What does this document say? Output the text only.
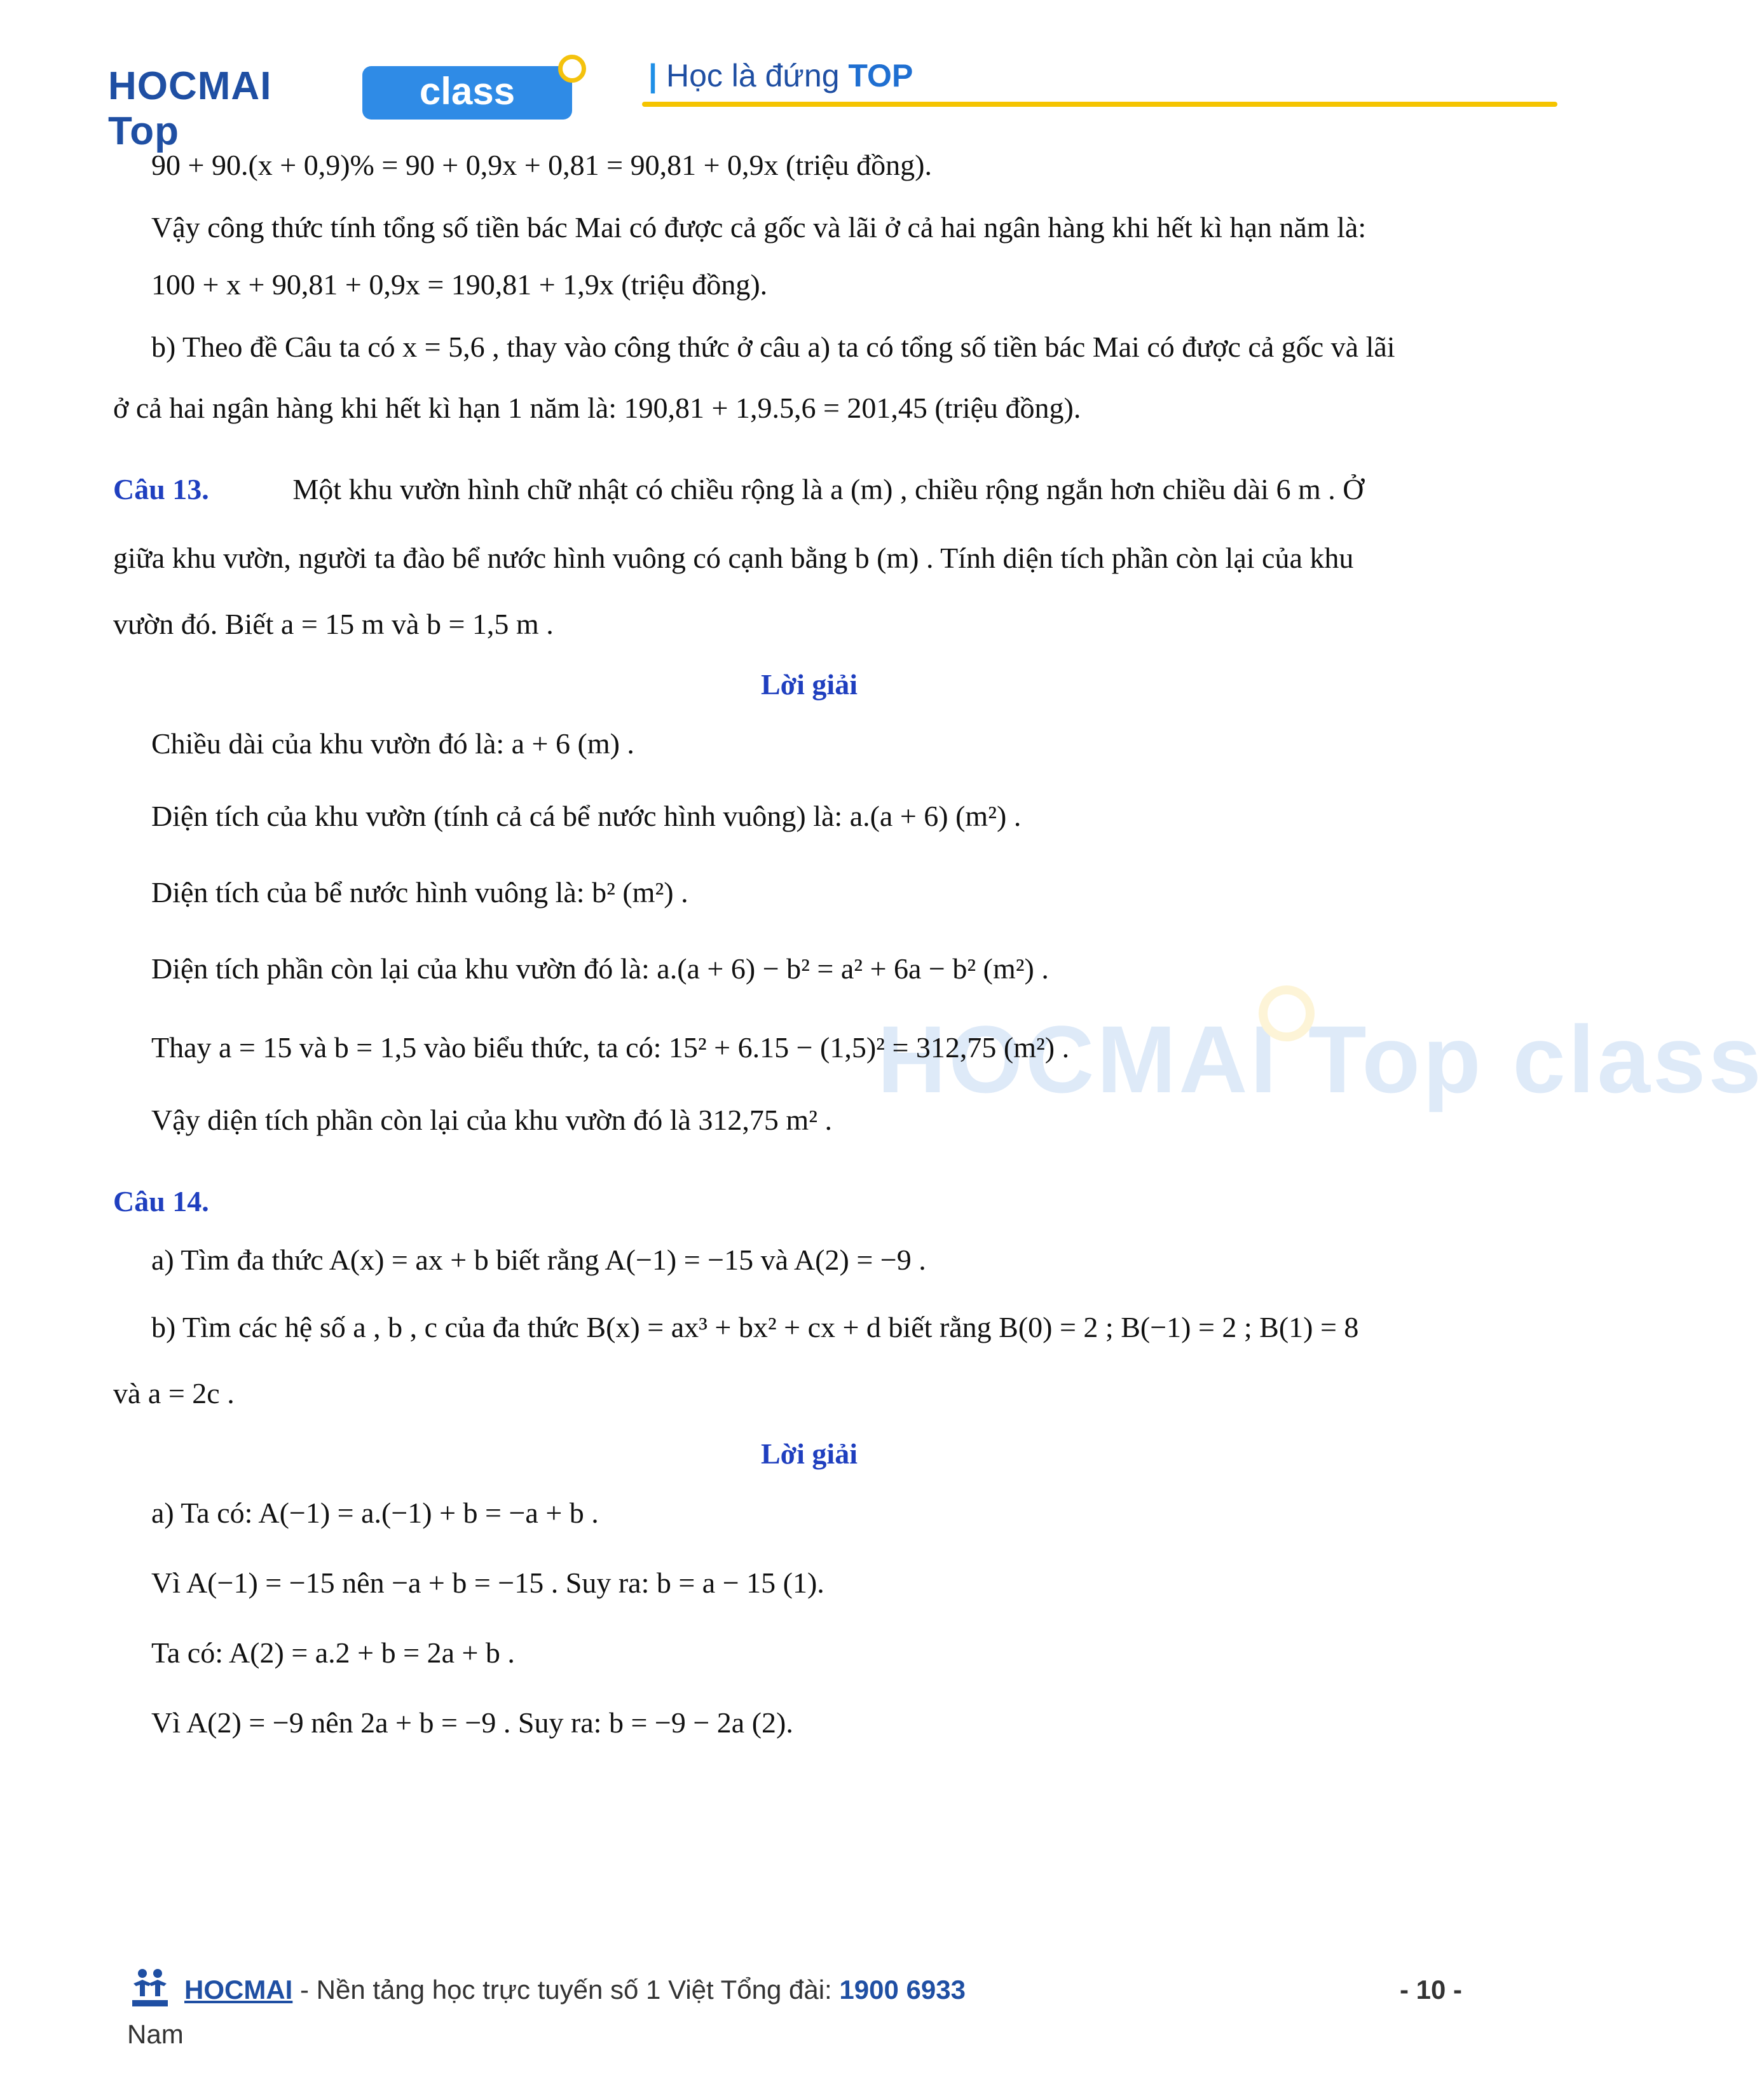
HOCMAI Top
class	| Học là đứng TOP
HOCMAI Top class
90 + 90.(x + 0,9)% = 90 + 0,9x + 0,81 = 90,81 + 0,9x (triệu đồng).
Vậy công thức tính tổng số tiền bác Mai có được cả gốc và lãi ở cả hai ngân hàng khi hết kì hạn năm là:
100 + x + 90,81 + 0,9x = 190,81 + 1,9x (triệu đồng).
b) Theo đề Câu ta có x = 5,6 , thay vào công thức ở câu a) ta có tổng số tiền bác Mai có được cả gốc và lãi
ở cả hai ngân hàng khi hết kì hạn 1 năm là: 190,81 + 1,9.5,6 = 201,45 (triệu đồng).
Câu 13.	Một khu vườn hình chữ nhật có chiều rộng là a (m) , chiều rộng ngắn hơn chiều dài 6 m . Ở
giữa khu vườn, người ta đào bể nước hình vuông có cạnh bằng b (m) . Tính diện tích phần còn lại của khu
vườn đó. Biết a = 15 m và b = 1,5 m .
Lời giải
Chiều dài của khu vườn đó là: a + 6 (m) .
Diện tích của khu vườn (tính cả cá bể nước hình vuông) là: a.(a + 6) (m²) .
Diện tích của bể nước hình vuông là: b² (m²) .
Diện tích phần còn lại của khu vườn đó là: a.(a + 6) − b² = a² + 6a − b² (m²) .
Thay a = 15 và b = 1,5 vào biểu thức, ta có: 15² + 6.15 − (1,5)² = 312,75 (m²) .
Vậy diện tích phần còn lại của khu vườn đó là 312,75 m² .
Câu 14.
a) Tìm đa thức A(x) = ax + b biết rằng A(−1) = −15 và A(2) = −9 .
b) Tìm các hệ số a , b , c của đa thức B(x) = ax³ + bx² + cx + d biết rằng B(0) = 2 ; B(−1) = 2 ; B(1) = 8
và a = 2c .
Lời giải
a) Ta có: A(−1) = a.(−1) + b = −a + b .
Vì A(−1) = −15 nên −a + b = −15 . Suy ra: b = a − 15 (1).
Ta có: A(2) = a.2 + b = 2a + b .
Vì A(2) = −9 nên 2a + b = −9 . Suy ra: b = −9 − 2a (2).
HOCMAI - Nền tảng học trực tuyến số 1 Việt Tổng đài: 1900 6933	- 10 -
Nam
